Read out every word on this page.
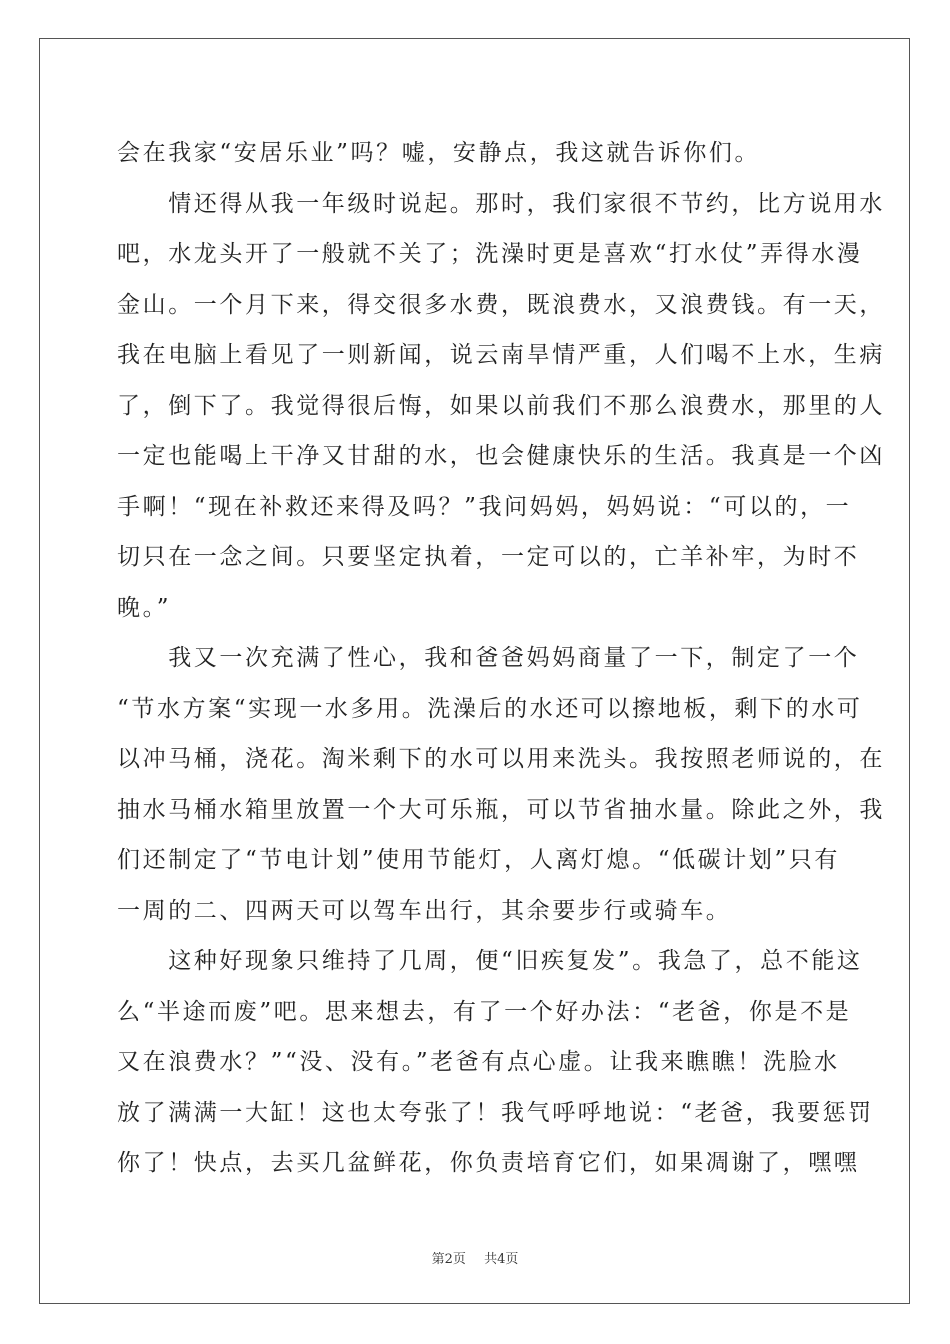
会在我家“安居乐业”吗？嘘，安静点，我这就告诉你们。
　　情还得从我一年级时说起。那时，我们家很不节约，比方说用水
吧，水龙头开了一般就不关了；洗澡时更是喜欢“打水仗”弄得水漫
金山。一个月下来，得交很多水费，既浪费水，又浪费钱。有一天，
我在电脑上看见了一则新闻，说云南旱情严重，人们喝不上水，生病
了，倒下了。我觉得很后悔，如果以前我们不那么浪费水，那里的人
一定也能喝上干净又甘甜的水，也会健康快乐的生活。我真是一个凶
手啊！“现在补救还来得及吗？”我问妈妈，妈妈说：“可以的，一
切只在一念之间。只要坚定执着，一定可以的，亡羊补牢，为时不
晚。”
　　我又一次充满了性心，我和爸爸妈妈商量了一下，制定了一个
“节水方案“实现一水多用。洗澡后的水还可以擦地板，剩下的水可
以冲马桶，浇花。淘米剩下的水可以用来洗头。我按照老师说的，在
抽水马桶水箱里放置一个大可乐瓶，可以节省抽水量。除此之外，我
们还制定了“节电计划”使用节能灯，人离灯熄。“低碳计划”只有
一周的二、四两天可以驾车出行，其余要步行或骑车。
　　这种好现象只维持了几周，便“旧疾复发”。我急了，总不能这
么“半途而废”吧。思来想去，有了一个好办法：“老爸，你是不是
又在浪费水？”“没、没有。”老爸有点心虚。让我来瞧瞧！洗脸水
放了满满一大缸！这也太夸张了！我气呼呼地说：“老爸，我要惩罚
你了！快点，去买几盆鲜花，你负责培育它们，如果凋谢了，嘿嘿
第2页 共4页
